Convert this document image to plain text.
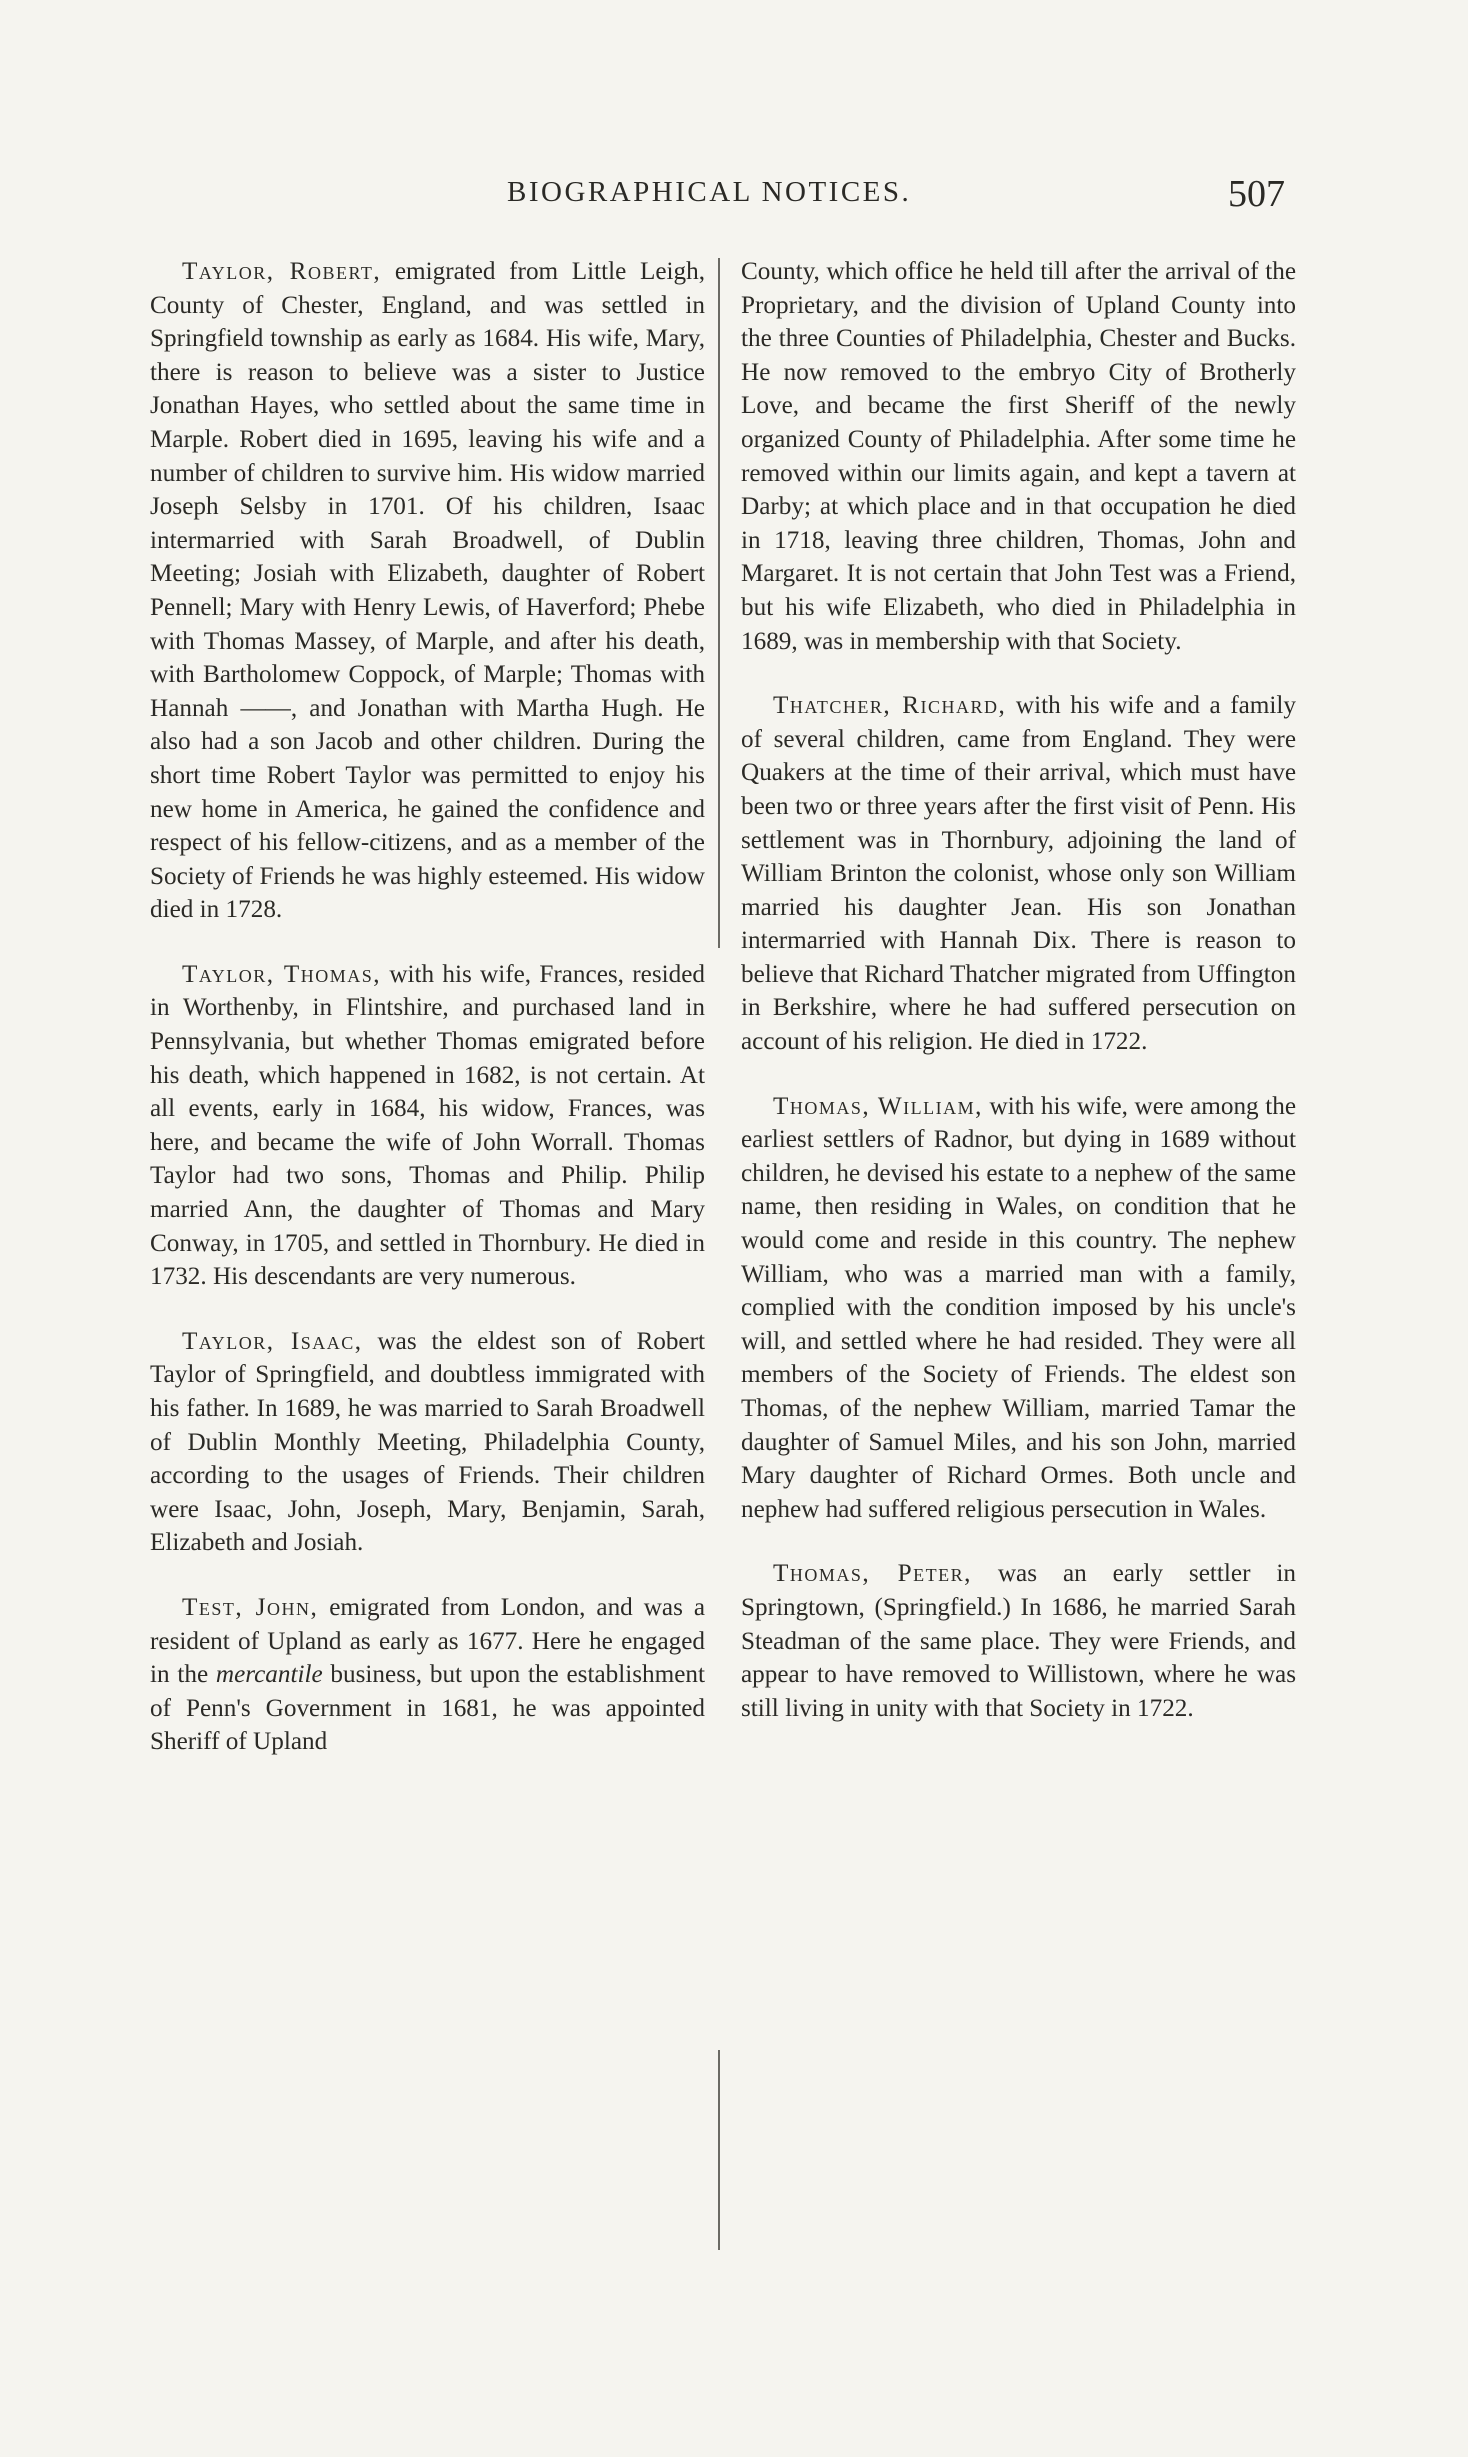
BIOGRAPHICAL NOTICES.	507

Taylor, Robert, emigrated from Little Leigh, County of Chester, England, and was settled in Springfield township as early as 1684. His wife, Mary, there is reason to believe was a sister to Justice Jonathan Hayes, who settled about the same time in Marple. Robert died in 1695, leaving his wife and a number of children to survive him. His widow married Joseph Selsby in 1701. Of his children, Isaac intermarried with Sarah Broadwell, of Dublin Meeting; Josiah with Elizabeth, daughter of Robert Pennell; Mary with Henry Lewis, of Haverford; Phebe with Thomas Massey, of Marple, and after his death, with Bartholomew Coppock, of Marple; Thomas with Hannah ——, and Jonathan with Martha Hugh. He also had a son Jacob and other children. During the short time Robert Taylor was permitted to enjoy his new home in America, he gained the confidence and respect of his fellow-citizens, and as a member of the Society of Friends he was highly esteemed. His widow died in 1728.

Taylor, Thomas, with his wife, Frances, resided in Worthenby, in Flintshire, and purchased land in Pennsylvania, but whether Thomas emigrated before his death, which happened in 1682, is not certain. At all events, early in 1684, his widow, Frances, was here, and became the wife of John Worrall. Thomas Taylor had two sons, Thomas and Philip. Philip married Ann, the daughter of Thomas and Mary Conway, in 1705, and settled in Thornbury. He died in 1732. His descendants are very numerous.

Taylor, Isaac, was the eldest son of Robert Taylor of Springfield, and doubtless immigrated with his father. In 1689, he was married to Sarah Broadwell of Dublin Monthly Meeting, Philadelphia County, according to the usages of Friends. Their children were Isaac, John, Joseph, Mary, Benjamin, Sarah, Elizabeth and Josiah.

Test, John, emigrated from London, and was a resident of Upland as early as 1677. Here he engaged in the mercantile business, but upon the establishment of Penn's Government in 1681, he was appointed Sheriff of Upland

County, which office he held till after the arrival of the Proprietary, and the division of Upland County into the three Counties of Philadelphia, Chester and Bucks. He now removed to the embryo City of Brotherly Love, and became the first Sheriff of the newly organized County of Philadelphia. After some time he removed within our limits again, and kept a tavern at Darby; at which place and in that occupation he died in 1718, leaving three children, Thomas, John and Margaret. It is not certain that John Test was a Friend, but his wife Elizabeth, who died in Philadelphia in 1689, was in membership with that Society.

Thatcher, Richard, with his wife and a family of several children, came from England. They were Quakers at the time of their arrival, which must have been two or three years after the first visit of Penn. His settlement was in Thornbury, adjoining the land of William Brinton the colonist, whose only son William married his daughter Jean. His son Jonathan intermarried with Hannah Dix. There is reason to believe that Richard Thatcher migrated from Uffington in Berkshire, where he had suffered persecution on account of his religion. He died in 1722.

Thomas, William, with his wife, were among the earliest settlers of Radnor, but dying in 1689 without children, he devised his estate to a nephew of the same name, then residing in Wales, on condition that he would come and reside in this country. The nephew William, who was a married man with a family, complied with the condition imposed by his uncle's will, and settled where he had resided. They were all members of the Society of Friends. The eldest son Thomas, of the nephew William, married Tamar the daughter of Samuel Miles, and his son John, married Mary daughter of Richard Ormes. Both uncle and nephew had suffered religious persecution in Wales.

Thomas, Peter, was an early settler in Springtown, (Springfield.) In 1686, he married Sarah Steadman of the same place. They were Friends, and appear to have removed to Willistown, where he was still living in unity with that Society in 1722.
